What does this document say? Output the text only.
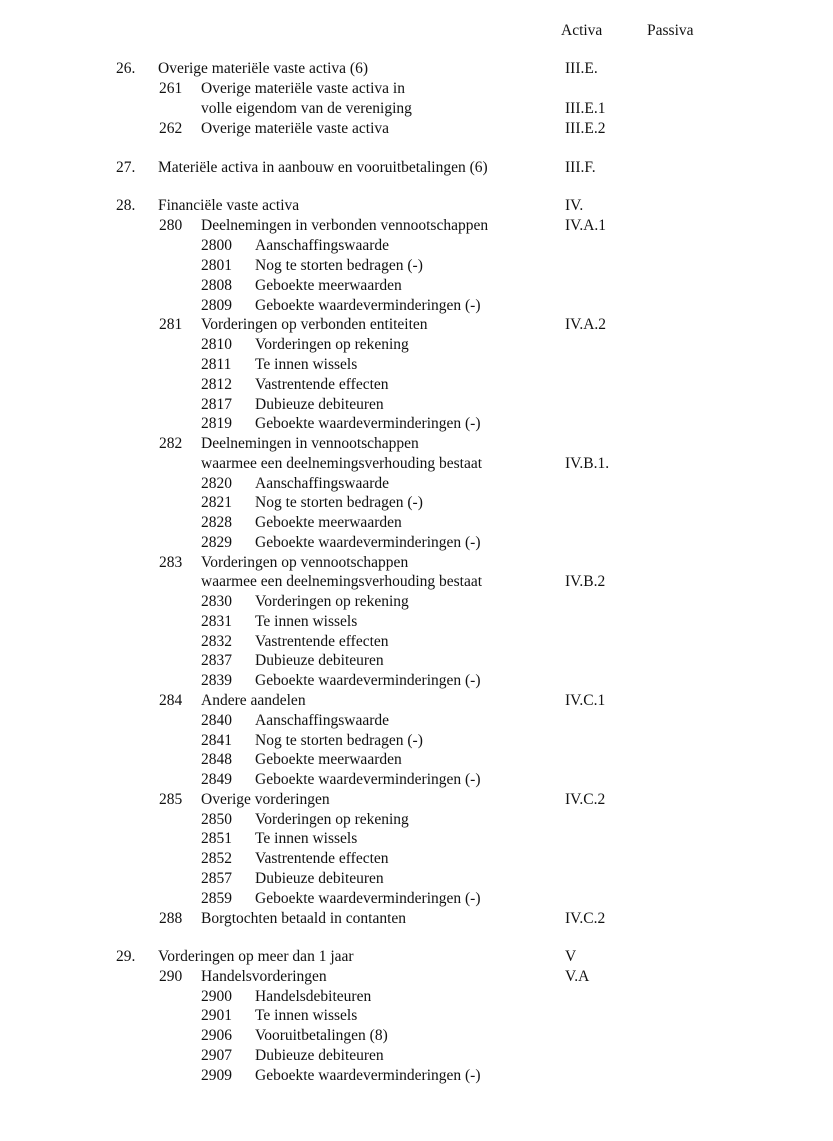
Activa	Passiva
26. Overige materiële vaste activa (6)	III.E.
261 Overige materiële vaste activa in
volle eigendom van de vereniging	III.E.1
262 Overige materiële vaste activa	III.E.2
27. Materiële activa in aanbouw en vooruitbetalingen (6)	III.F.
28. Financiële vaste activa	IV.
280 Deelnemingen in verbonden vennootschappen	IV.A.1
2800 Aanschaffingswaarde
2801 Nog te storten bedragen (-)
2808 Geboekte meerwaarden
2809 Geboekte waardeverminderingen (-)
281 Vorderingen op verbonden entiteiten	IV.A.2
2810 Vorderingen op rekening
2811 Te innen wissels
2812 Vastrentende effecten
2817 Dubieuze debiteuren
2819 Geboekte waardeverminderingen (-)
282 Deelnemingen in vennootschappen
waarmee een deelnemingsverhouding bestaat	IV.B.1.
2820 Aanschaffingswaarde
2821 Nog te storten bedragen (-)
2828 Geboekte meerwaarden
2829 Geboekte waardeverminderingen (-)
283 Vorderingen op vennootschappen
waarmee een deelnemingsverhouding bestaat	IV.B.2
2830 Vorderingen op rekening
2831 Te innen wissels
2832 Vastrentende effecten
2837 Dubieuze debiteuren
2839 Geboekte waardeverminderingen (-)
284 Andere aandelen	IV.C.1
2840 Aanschaffingswaarde
2841 Nog te storten bedragen (-)
2848 Geboekte meerwaarden
2849 Geboekte waardeverminderingen (-)
285 Overige vorderingen	IV.C.2
2850 Vorderingen op rekening
2851 Te innen wissels
2852 Vastrentende effecten
2857 Dubieuze debiteuren
2859 Geboekte waardeverminderingen (-)
288 Borgtochten betaald in contanten	IV.C.2
29. Vorderingen op meer dan 1 jaar	V
290 Handelsvorderingen	V.A
2900 Handelsdebiteuren
2901 Te innen wissels
2906 Vooruitbetalingen (8)
2907 Dubieuze debiteuren
2909 Geboekte waardeverminderingen (-)
